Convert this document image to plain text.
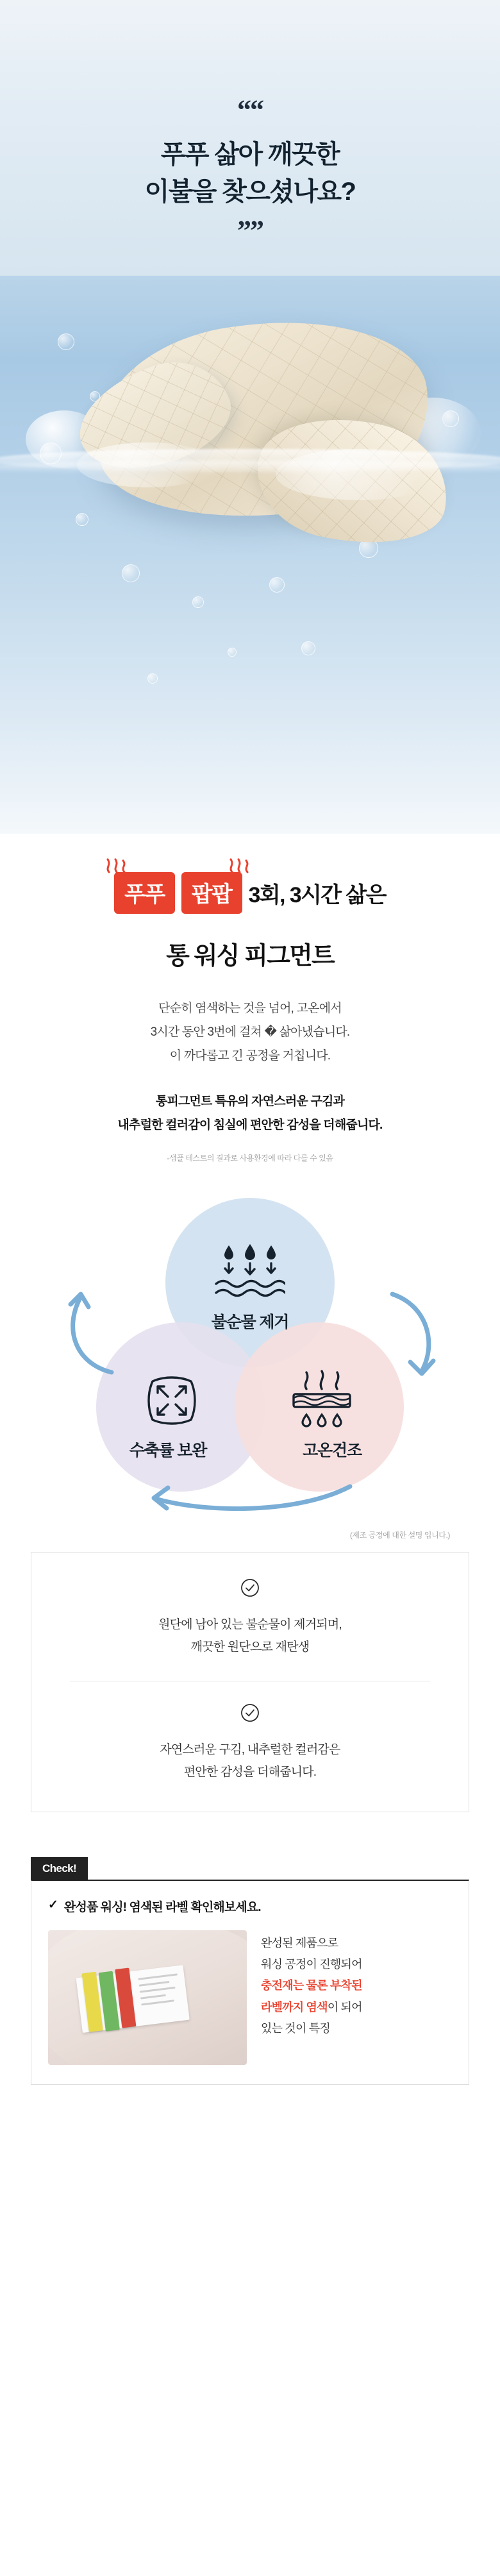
““
푸푸 삶아 깨끗한
이불을 찾으셨나요?
””
푸푸	팝팝 3회, 3시간 삶은
통 워싱 피그먼트
단순히 염색하는 것을 넘어, 고온에서
3시간 동안 3번에 걸쳐 � 삶아냈습니다.
이 까다롭고 긴 공정을 거칩니다.
통피그먼트 특유의 자연스러운 구김과
내추럴한 컬러감이 침실에 편안한 감성을 더해줍니다.
-샘플 테스트의 결과로 사용환경에 따라 다를 수 있음
불순물 제거
수축률 보완	고온건조
(제조 공정에 대한 설명 입니다.)
원단에 남아 있는 불순물이 제거되며,
깨끗한 원단으로 재탄생
자연스러운 구김, 내추럴한 컬러감은
편안한 감성을 더해줍니다.
Check!
✓ 완성품 워싱! 염색된 라벨 확인해보세요.
완성된 제품으로
워싱 공정이 진행되어
충전재는 물론 부착된
라벨까지 염색이 되어
있는 것이 특징
